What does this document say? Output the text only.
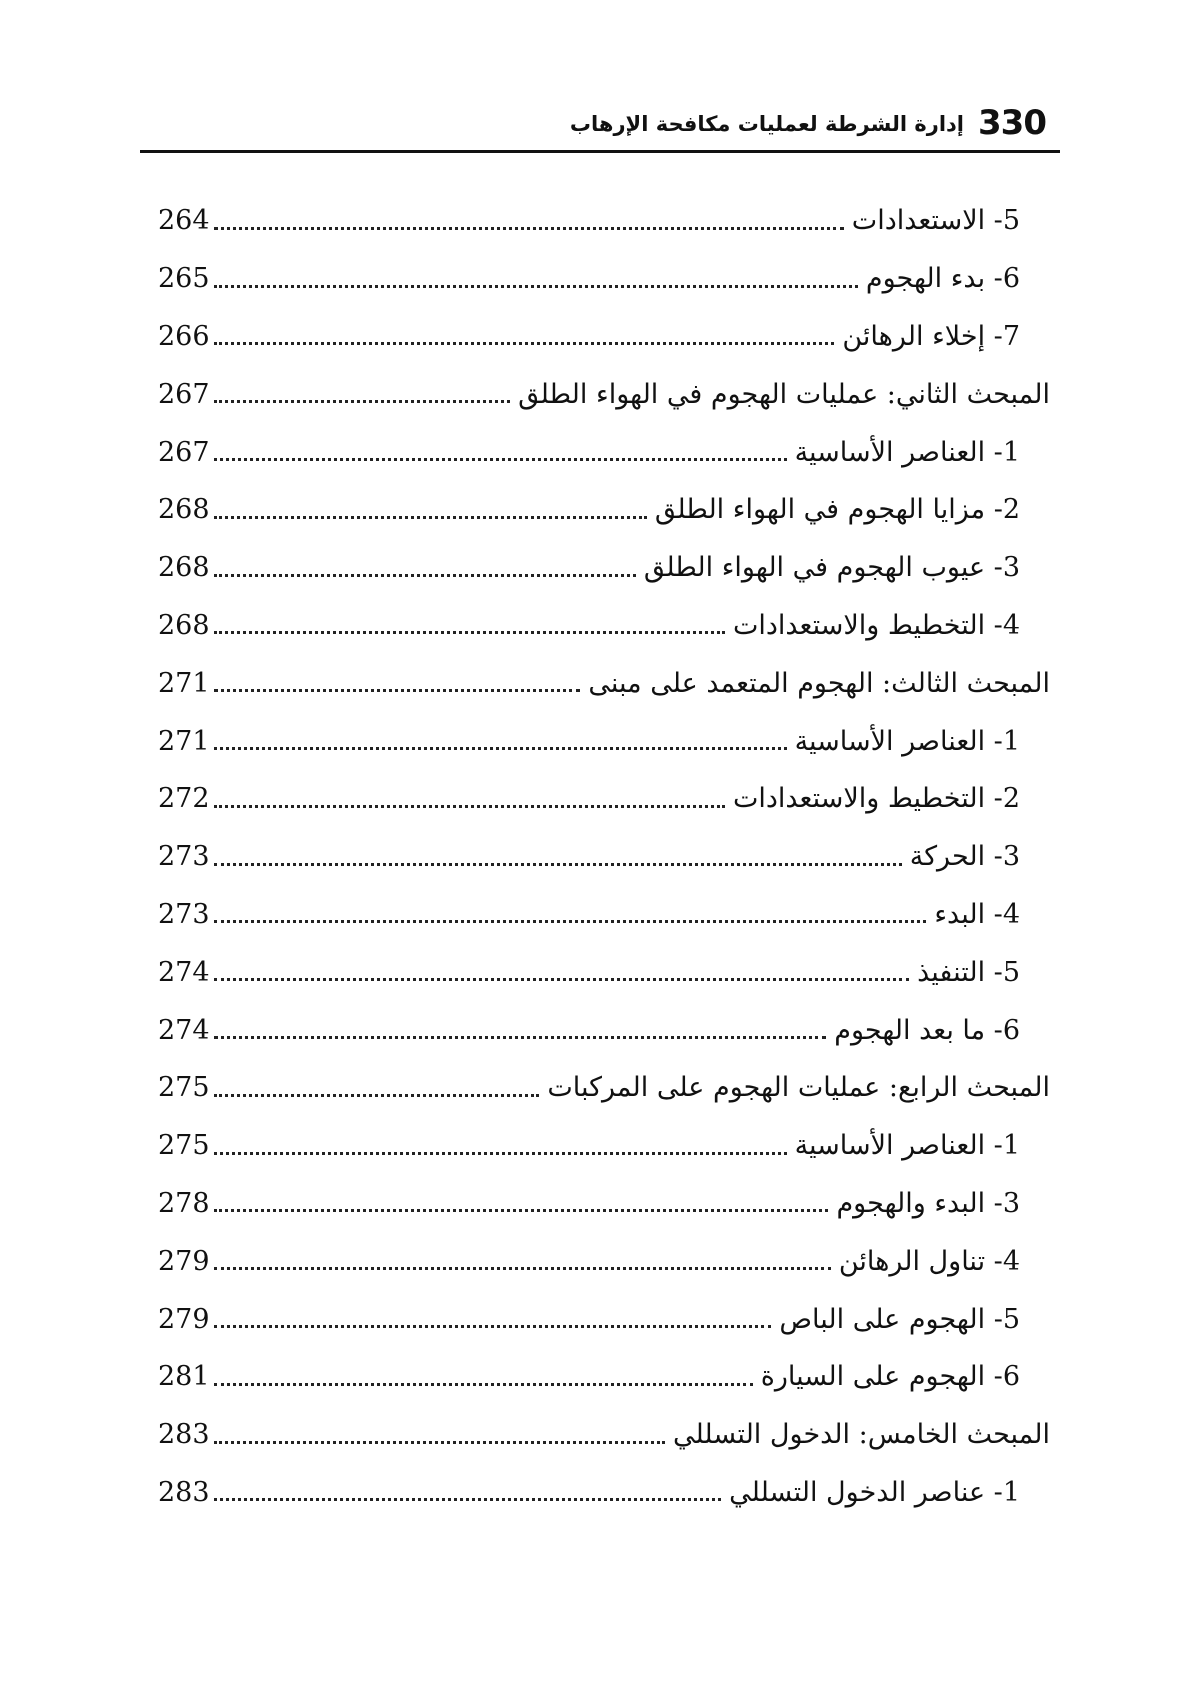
330
إدارة الشرطة لعمليات مكافحة الإرهاب
264	5- الاستعدادات
265	6- بدء الهجوم
266	7- إخلاء الرهائن
267	المبحث الثاني: عمليات الهجوم في الهواء الطلق
267	1- العناصر الأساسية
268	2- مزايا الهجوم في الهواء الطلق
268	3- عيوب الهجوم في الهواء الطلق
268	4- التخطيط والاستعدادات
271	المبحث الثالث: الهجوم المتعمد على مبنى
271	1- العناصر الأساسية
272	2- التخطيط والاستعدادات
273	3- الحركة
273	4- البدء
274	5- التنفيذ
274	6- ما بعد الهجوم
275	المبحث الرابع: عمليات الهجوم على المركبات
275	1- العناصر الأساسية
278	3- البدء والهجوم
279	4- تناول الرهائن
279	5- الهجوم على الباص
281	6- الهجوم على السيارة
283	المبحث الخامس: الدخول التسللي
283	1- عناصر الدخول التسللي
